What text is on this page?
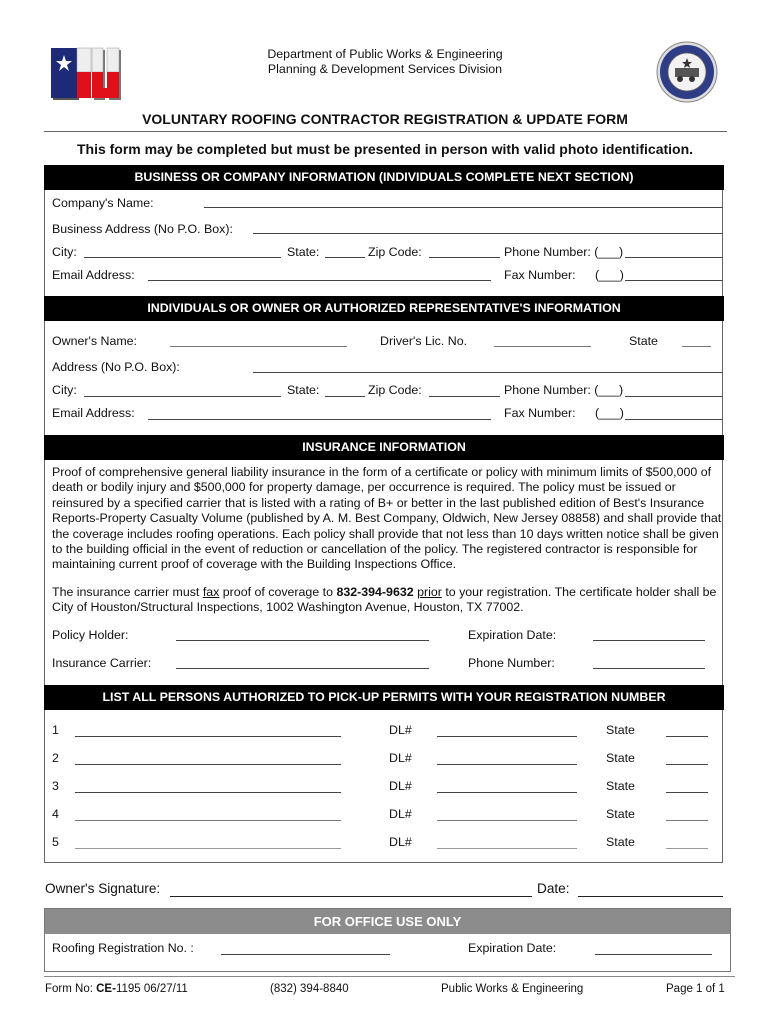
Department of Public Works & Engineering
Planning & Development Services Division
VOLUNTARY ROOFING CONTRACTOR REGISTRATION & UPDATE FORM
This form may be completed but must be presented in person with valid photo identification.
BUSINESS OR COMPANY INFORMATION (INDIVIDUALS COMPLETE NEXT SECTION)
Company's Name:
Business Address (No P.O. Box):
City:	State:	Zip Code:	Phone Number: (___)
Email Address:	Fax Number: (___)
INDIVIDUALS OR OWNER OR AUTHORIZED REPRESENTATIVE'S INFORMATION
Owner's Name:	Driver's Lic. No.	State
Address (No P.O. Box):
City:	State:	Zip Code:	Phone Number: (___)
Email Address:	Fax Number: (___)
INSURANCE INFORMATION
Proof of comprehensive general liability insurance in the form of a certificate or policy with minimum limits of $500,000 of death or bodily injury and $500,000 for property damage, per occurrence is required. The policy must be issued or reinsured by a specified carrier that is listed with a rating of B+ or better in the last published edition of Best's Insurance Reports-Property Casualty Volume (published by A. M. Best Company, Oldwich, New Jersey 08858) and shall provide that the coverage includes roofing operations. Each policy shall provide that not less than 10 days written notice shall be given to the building official in the event of reduction or cancellation of the policy. The registered contractor is responsible for maintaining current proof of coverage with the Building Inspections Office.
The insurance carrier must fax proof of coverage to 832-394-9632 prior to your registration. The certificate holder shall be City of Houston/Structural Inspections, 1002 Washington Avenue, Houston, TX 77002.
Policy Holder:	Expiration Date:
Insurance Carrier:	Phone Number:
LIST ALL PERSONS AUTHORIZED TO PICK-UP PERMITS WITH YOUR REGISTRATION NUMBER
1	DL#	State
2	DL#	State
3	DL#	State
4	DL#	State
5	DL#	State
Owner's Signature:	Date:
FOR OFFICE USE ONLY
Roofing Registration No. :	Expiration Date:
Form No: CE-1195 06/27/11	(832) 394-8840	Public Works & Engineering	Page 1 of 1
